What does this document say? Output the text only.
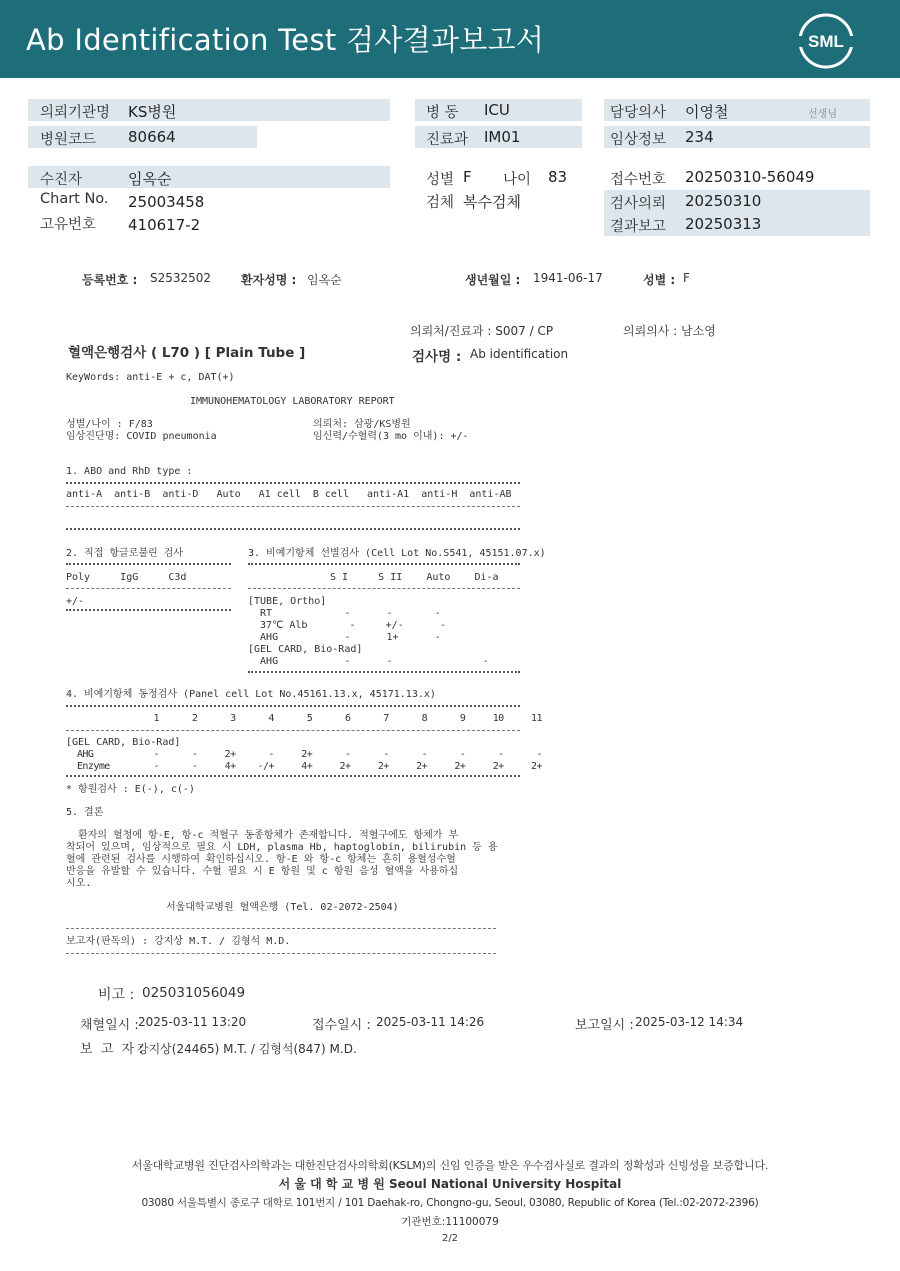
Ab Identification Test 검사결과보고서	SML
의뢰기관명 KS병원
병원코드 80664
병 동 ICU
진료과 IM01
담당의사 이영철	선생님
임상정보 234
수진자	임옥순
Chart No. 25003458
고유번호 410617-2
성별 F 나이 83
검체 복수검체
접수번호 20250310-56049
검사의뢰 20250310
결과보고 20250313
등록번호 : S2532502 환자성명 : 임옥순	생년월일 : 1941-06-17	성별 : F
의뢰처/진료과 : S007 / CP	의뢰의사 : 남소영
혈액은행검사 ( L70 ) [ Plain Tube ]	검사명 : Ab identification
KeyWords: anti-E + c, DAT(+)
IMMUNOHEMATOLOGY LABORATORY REPORT
성별/나이 : F/83
임상진단명: COVID pneumonia
의뢰처: 삼광/KS병원
임신력/수혈력(3 mo 이내): +/-
1. ABO and RhD type :
anti-A  anti-B  anti-D   Auto   A1 cell  B cell   anti-A1  anti-H  anti-AB
2. 직접 항글로불린 검사
Poly     IgG     C3d
+/-
3. 비예기항체 선별검사 (Cell Lot No.S541, 45151.07.x)
S I     S II    Auto    Di-a
[TUBE, Ortho]
RT            -      -       -
37℃ Alb       -     +/-      -
AHG           -      1+      -
[GEL CARD, Bio-Rad]
AHG           -      -               -
4. 비예기항체 동정검사 (Panel cell Lot No.45161.13.x, 45171.13.x)
1      2      3      4      5      6      7      8      9     10     11
[GEL CARD, Bio-Rad]
AHG           -      -     2+      -     2+      -      -      -      -      -      -
Enzyme        -      -     4+    -/+     4+     2+     2+     2+     2+     2+     2+
* 항원검사 : E(-), c(-)
5. 결론
환자의 혈청에 항-E, 항-c 적혈구 동종항체가 존재합니다. 적혈구에도 항체가 부
착되어 있으며, 임상적으로 필요 시 LDH, plasma Hb, haptoglobin, bilirubin 등 용
혈에 관련된 검사를 시행하여 확인하십시오. 항-E 와 항-c 항체는 흔히 용혈성수혈
반응을 유발할 수 있습니다. 수혈 필요 시 E 항원 및 c 항원 음성 혈액을 사용하십
시오.
서울대학교병원 혈액은행 (Tel. 02-2072-2504)
보고자(판독의) : 강지상 M.T. / 김형석 M.D.
비고 : 025031056049
채혈일시 : 2025-03-11 13:20	접수일시 : 2025-03-11 14:26	보고일시 : 2025-03-12 14:34
보  고  자 :
강지상(24465) M.T. / 김형석(847) M.D.
서울대학교병원 진단검사의학과는 대한진단검사의학회(KSLM)의 신임 인증을 받은 우수검사실로 결과의 정확성과 신빙성을 보증합니다.
서 울 대 학 교 병 원 Seoul National University Hospital
03080 서울특별시 종로구 대학로 101번지 / 101 Daehak-ro, Chongno-gu, Seoul, 03080, Republic of Korea (Tel.:02-2072-2396)
기관번호:11100079
2/2
